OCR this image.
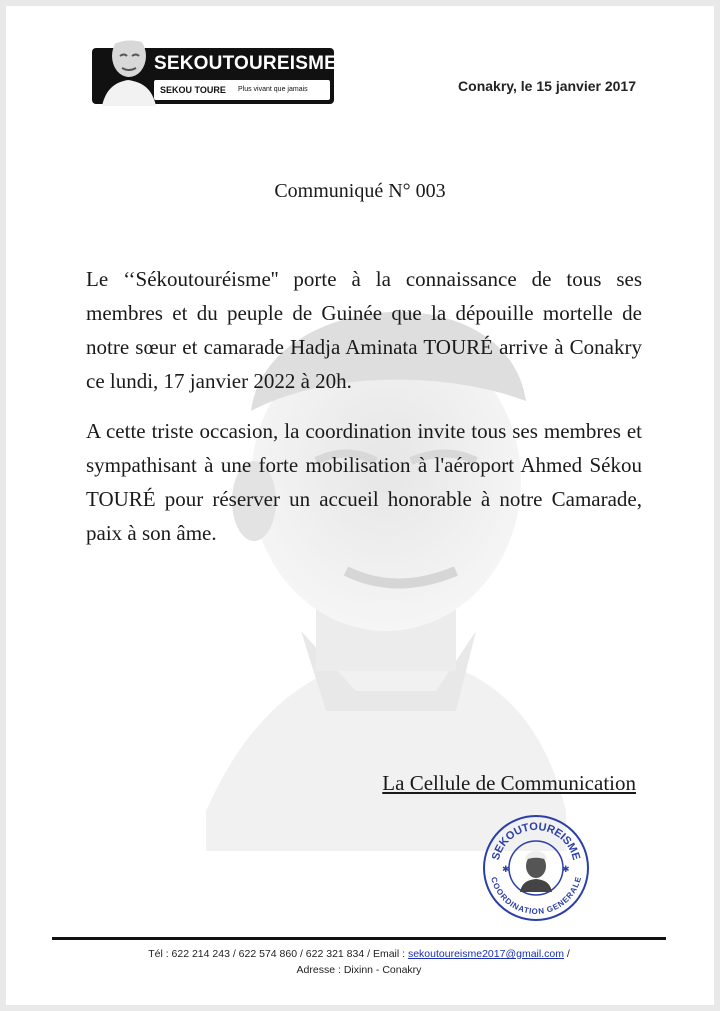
SEKOUTOUREISME
SEKOU TOURE Plus vivant que jamais	Conakry, le 15 janvier 2017
Communiqué N° 003

Le ‘‘Sékoutouréisme'' porte à la connaissance de tous ses membres et du peuple de Guinée que la dépouille mortelle de notre sœur et camarade Hadja Aminata TOURÉ arrive à Conakry ce lundi, 17 janvier 2022 à 20h.

A cette triste occasion, la coordination invite tous ses membres et sympathisant à une forte mobilisation à l'aéroport Ahmed Sékou TOURÉ pour réserver un accueil honorable à notre Camarade, paix à son âme.

La Cellule de Communication
SEKOUTOUREISME
COORDINATION GENERALE
✱	✱
Tél : 622 214 243 / 622 574 860 / 622 321 834 / Email : sekoutoureisme2017@gmail.com /
Adresse : Dixinn - Conakry
